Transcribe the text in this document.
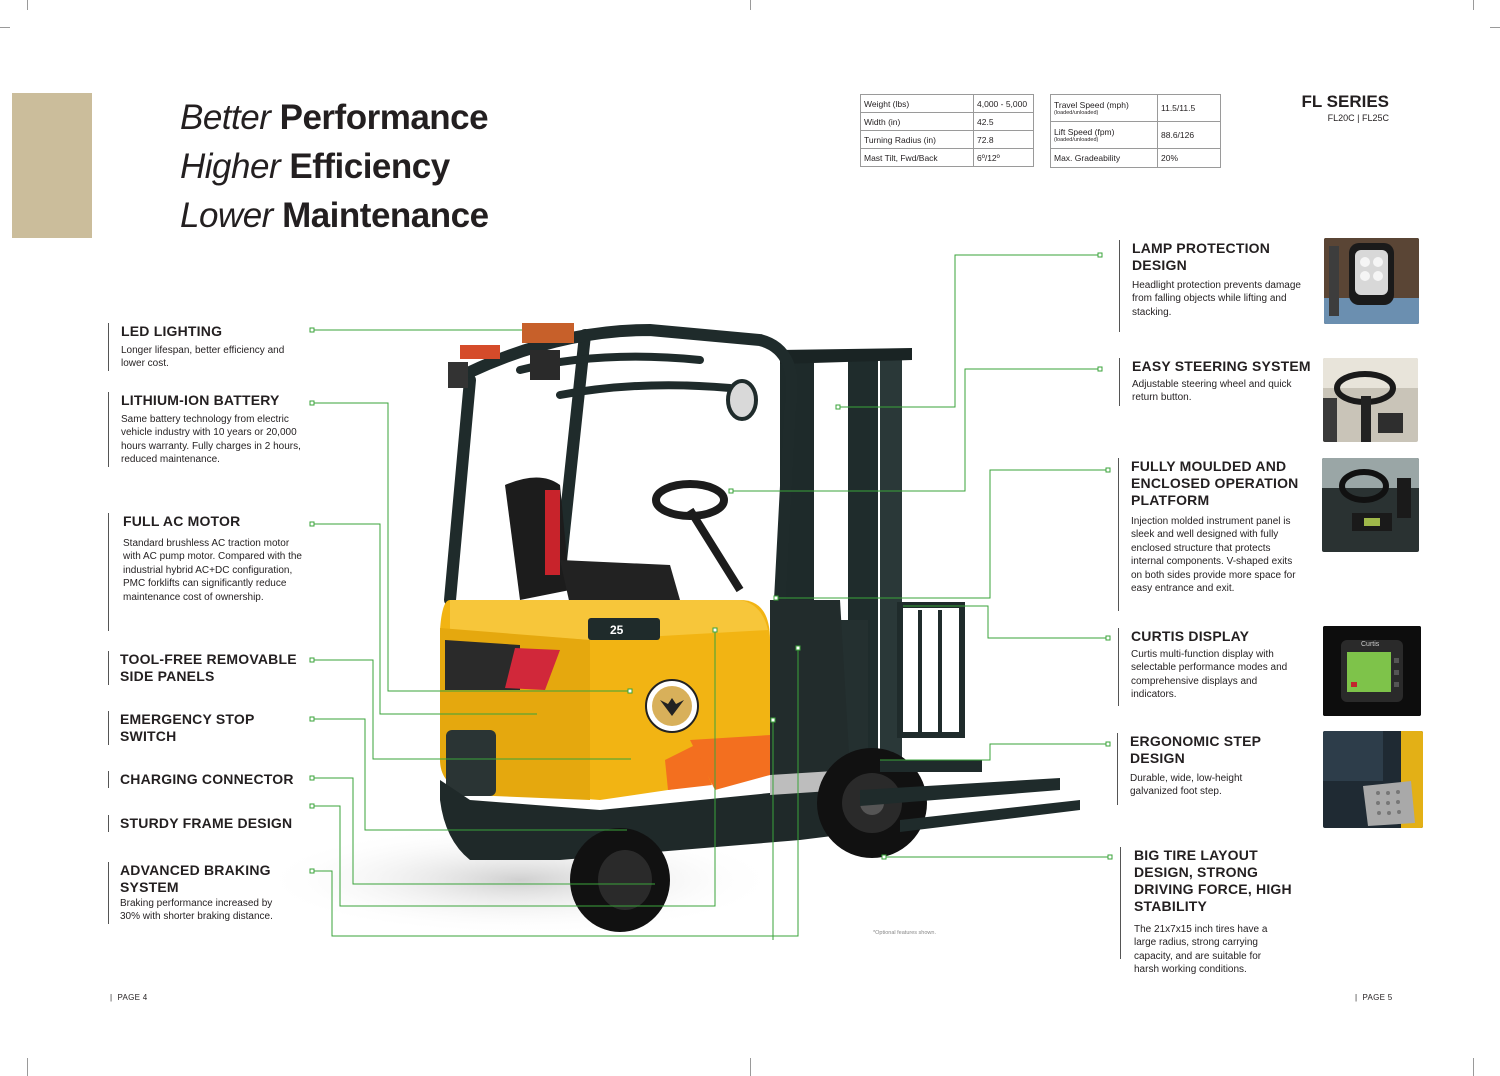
Better Performance
Higher Efficiency
Lower Maintenance
Weight (lbs)	4,000 - 5,000
Width (in)	42.5
Turning Radius (in)	72.8
Mast Tilt, Fwd/Back	6º/12º
Travel Speed (mph)
(loaded/unloaded)	11.5/11.5
Lift Speed (fpm)
(loaded/unloaded)	88.6/126
Max. Gradeability	20%
FL SERIES
FL20C | FL25C
25
LED LIGHTING

Longer lifespan, better efficiency and lower cost.

LITHIUM-ION BATTERY

Same battery technology from electric vehicle industry with 10 years or 20,000 hours warranty. Fully charges in 2 hours, reduced maintenance.

FULL AC MOTOR

Standard brushless AC traction motor with AC pump motor. Compared with the industrial hybrid AC+DC configuration, PMC forklifts can significantly reduce maintenance cost of ownership.

TOOL-FREE REMOVABLE SIDE PANELS
EMERGENCY STOP SWITCH
CHARGING CONNECTOR
STURDY FRAME DESIGN
ADVANCED BRAKING SYSTEM

Braking performance increased by 30% with shorter braking distance.

LAMP PROTECTION DESIGN

Headlight protection prevents damage from falling objects while lifting and stacking.

EASY STEERING SYSTEM

Adjustable steering wheel and quick return button.

FULLY MOULDED AND ENCLOSED OPERATION PLATFORM

Injection molded instrument panel is sleek and well designed with fully enclosed structure that protects internal components. V-shaped exits on both sides provide more space for easy entrance and exit.

CURTIS DISPLAY

Curtis multi-function display with selectable performance modes and comprehensive displays and indicators.

ERGONOMIC STEP DESIGN

Durable, wide, low-height galvanized foot step.

BIG TIRE LAYOUT DESIGN, STRONG DRIVING FORCE, HIGH STABILITY

The 21x7x15 inch tires have a large radius, strong carrying capacity, and are suitable for harsh working conditions.

Curtis
*Optional features shown.
|  PAGE 4	|  PAGE 5
